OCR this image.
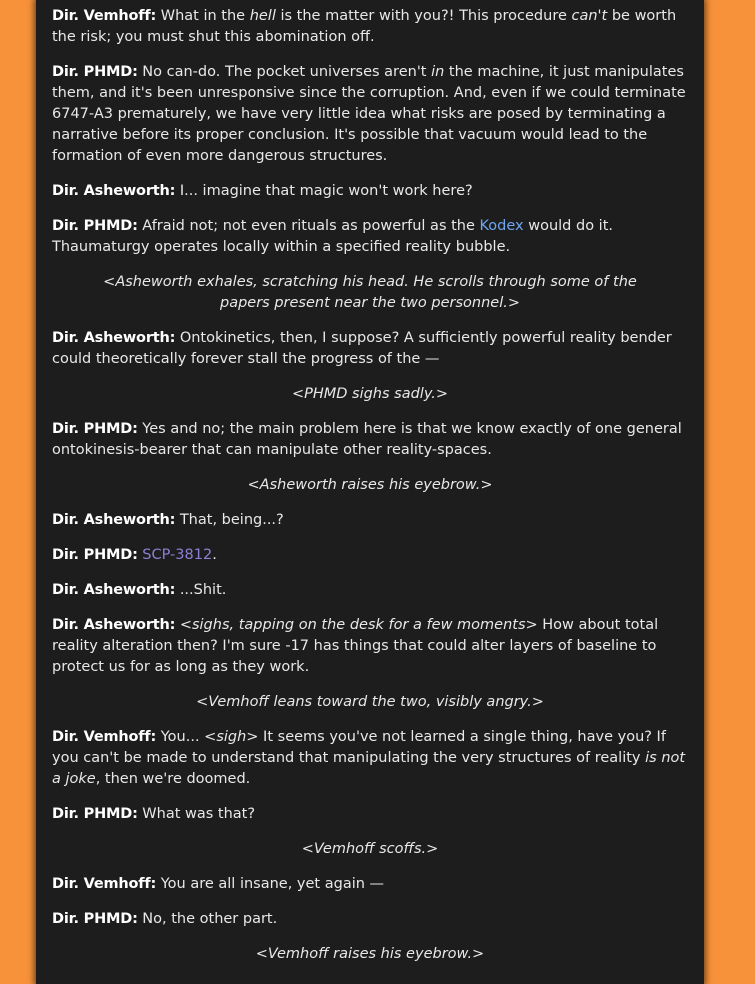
Dir. Vemhoff: What in the hell is the matter with you?! This procedure can't be worth the risk; you must shut this abomination off.

Dir. PHMD: No can-do. The pocket universes aren't in the machine, it just manipulates them, and it's been unresponsive since the corruption. And, even if we could terminate 6747-A3 prematurely, we have very little idea what risks are posed by terminating a narrative before its proper conclusion. It's possible that vacuum would lead to the formation of even more dangerous structures.

Dir. Asheworth: I... imagine that magic won't work here?

Dir. PHMD: Afraid not; not even rituals as powerful as the Kodex would do it. Thaumaturgy operates locally within a specified reality bubble.

<Asheworth exhales, scratching his head. He scrolls through some of the papers present near the two personnel.>

Dir. Asheworth: Ontokinetics, then, I suppose? A sufficiently powerful reality bender could theoretically forever stall the progress of the —

<PHMD sighs sadly.>

Dir. PHMD: Yes and no; the main problem here is that we know exactly of one general ontokinesis-bearer that can manipulate other reality-spaces.

<Asheworth raises his eyebrow.>

Dir. Asheworth: That, being...?

Dir. PHMD: SCP-3812.

Dir. Asheworth: ...Shit.

Dir. Asheworth: <sighs, tapping on the desk for a few moments> How about total reality alteration then? I'm sure -17 has things that could alter layers of baseline to protect us for as long as they work.

<Vemhoff leans toward the two, visibly angry.>

Dir. Vemhoff: You... <sigh> It seems you've not learned a single thing, have you? If you can't be made to understand that manipulating the very structures of reality is not a joke, then we're doomed.

Dir. PHMD: What was that?

<Vemhoff scoffs.>

Dir. Vemhoff: You are all insane, yet again —

Dir. PHMD: No, the other part.

<Vemhoff raises his eyebrow.>
